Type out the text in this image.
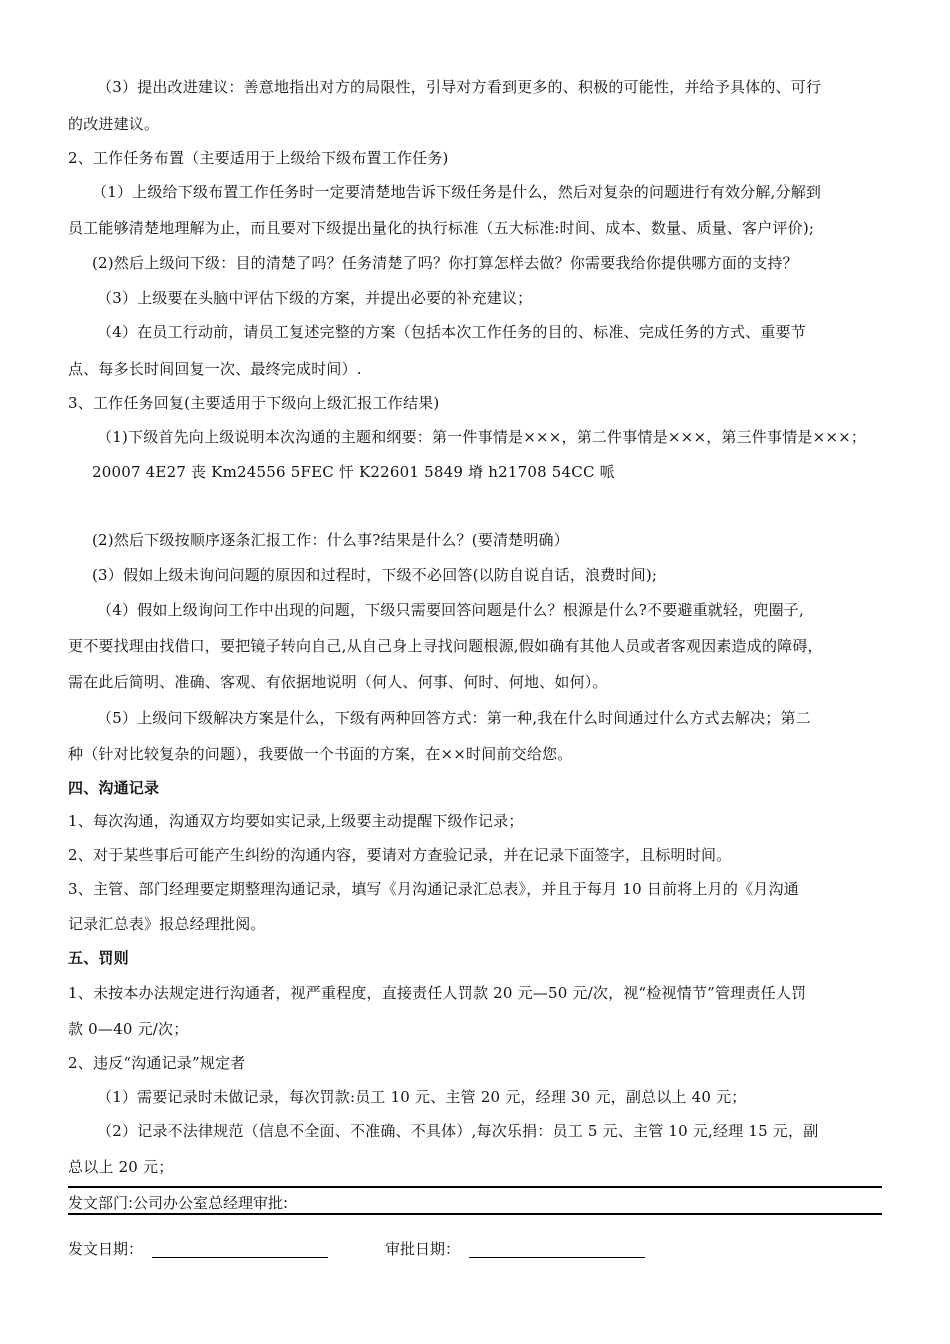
（3）提出改进建议：善意地指出对方的局限性，引导对方看到更多的、积极的可能性，并给予具体的、可行
的改进建议。
2、工作任务布置（主要适用于上级给下级布置工作任务)
（1）上级给下级布置工作任务时一定要清楚地告诉下级任务是什么，然后对复杂的问题进行有效分解,分解到
员工能够清楚地理解为止，而且要对下级提出量化的执行标准（五大标准:时间、成本、数量、质量、客户评价);
(2)然后上级问下级：目的清楚了吗？任务清楚了吗？你打算怎样去做？你需要我给你提供哪方面的支持？
（3）上级要在头脑中评估下级的方案，并提出必要的补充建议；
（4）在员工行动前，请员工复述完整的方案（包括本次工作任务的目的、标准、完成任务的方式、重要节
点、每多长时间回复一次、最终完成时间）.
3、工作任务回复(主要适用于下级向上级汇报工作结果)
（1)下级首先向上级说明本次沟通的主题和纲要：第一件事情是×××，第二件事情是×××，第三件事情是×××；
20007 4E27 丧 Km24556 5FEC 忓 K22601 5849 塉 h21708 54CC 哌
(2)然后下级按顺序逐条汇报工作：什么事?结果是什么？(要清楚明确）
(3）假如上级未询问问题的原因和过程时，下级不必回答(以防自说自话，浪费时间);
（4）假如上级询问工作中出现的问题，下级只需要回答问题是什么？根源是什么?不要避重就轻，兜圈子,
更不要找理由找借口，要把镜子转向自己,从自己身上寻找问题根源,假如确有其他人员或者客观因素造成的障碍，
需在此后简明、准确、客观、有依据地说明（何人、何事、何时、何地、如何）。
（5）上级问下级解决方案是什么，下级有两种回答方式：第一种,我在什么时间通过什么方式去解决；第二
种（针对比较复杂的问题），我要做一个书面的方案，在××时间前交给您。
四、沟通记录
1、每次沟通，沟通双方均要如实记录,上级要主动提醒下级作记录；
2、对于某些事后可能产生纠纷的沟通内容，要请对方查验记录，并在记录下面签字，且标明时间。
3、主管、部门经理要定期整理沟通记录，填写《月沟通记录汇总表》，并且于每月 10 日前将上月的《月沟通
记录汇总表》报总经理批阅。
五、罚则
1、未按本办法规定进行沟通者，视严重程度，直接责任人罚款 20 元—50 元/次，视“检视情节”管理责任人罚
款 0—40 元/次；
2、违反“沟通记录”规定者
（1）需要记录时未做记录，每次罚款:员工 10 元、主管 20 元，经理 30 元，副总以上 40 元；
（2）记录不法律规范（信息不全面、不准确、不具体）,每次乐捐：员工 5 元、主管 10 元,经理 15 元，副
总以上 20 元；
发文部门:公司办公室总经理审批:
发文日期：	审批日期：
